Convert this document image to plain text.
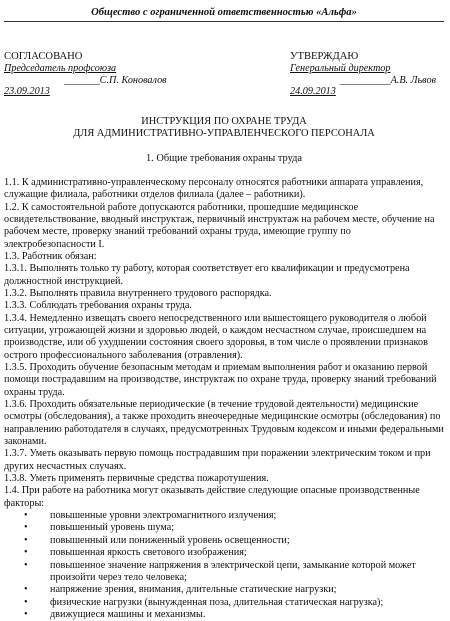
Общество с ограниченной ответственностью «Альфа»
СОГЛАСОВАНО
Председатель профсоюза
_______С.П. Коновалов
23.09.2013
УТВЕРЖДАЮ
Генеральный директор
__________А.В. Львов
24.09.2013
ИНСТРУКЦИЯ ПО ОХРАНЕ ТРУДА
ДЛЯ АДМИНИСТРАТИВНО-УПРАВЛЕНЧЕСКОГО ПЕРСОНАЛА
1. Общие требования охраны труда

1.1. К административно-управленческому персоналу относятся работники аппарата управления, служащие филиала, работники отделов филиала (далее – работники).

1.2. К самостоятельной работе допускаются работники, прошедшие медицинское освидетельствование, вводный инструктаж, первичный инструктаж на рабочем месте, обучение на рабочем месте, проверку знаний требований охраны труда, имеющие группу по электробезопасности I.

1.3. Работник обязан:

1.3.1. Выполнять только ту работу, которая соответствует его квалификации и предусмотрена должностной инструкцией.

1.3.2. Выполнять правила внутреннего трудового распорядка.

1.3.3. Соблюдать требования охраны труда.

1.3.4. Немедленно извещать своего непосредственного или вышестоящего руководителя о любой ситуации, угрожающей жизни и здоровью людей, о каждом несчастном случае, происшедшем на производстве, или об ухудшении состояния своего здоровья, в том числе о проявлении признаков острого профессионального заболевания (отравления).

1.3.5. Проходить обучение безопасным методам и приемам выполнения работ и оказанию первой помощи пострадавшим на производстве, инструктаж по охране труда, проверку знаний требований охраны труда.

1.3.6. Проходить обязательные периодические (в течение трудовой деятельности) медицинские осмотры (обследования), а также проходить внеочередные медицинские осмотры (обследования) по направлению работодателя в случаях, предусмотренных Трудовым кодексом и иными федеральными законами.

1.3.7. Уметь оказывать первую помощь пострадавшим при поражении электрическим током и при других несчастных случаях.

1.3.8. Уметь применять первичные средства пожаротушения.

1.4. При работе на работника могут оказывать действие следующие опасные производственные факторы:

• повышенные уровни электромагнитного излучения;
• повышенный уровень шума;
• повышенный или пониженный уровень освещенности;
• повышенная яркость светового изображения;
• повышенное значение напряжения в электрической цепи, замыкание которой может произойти через тело человека;
• напряжение зрения, внимания, длительные статические нагрузки;
• физические нагрузки (вынужденная поза, длительная статическая нагрузка);
• движущиеся машины и механизмы.
